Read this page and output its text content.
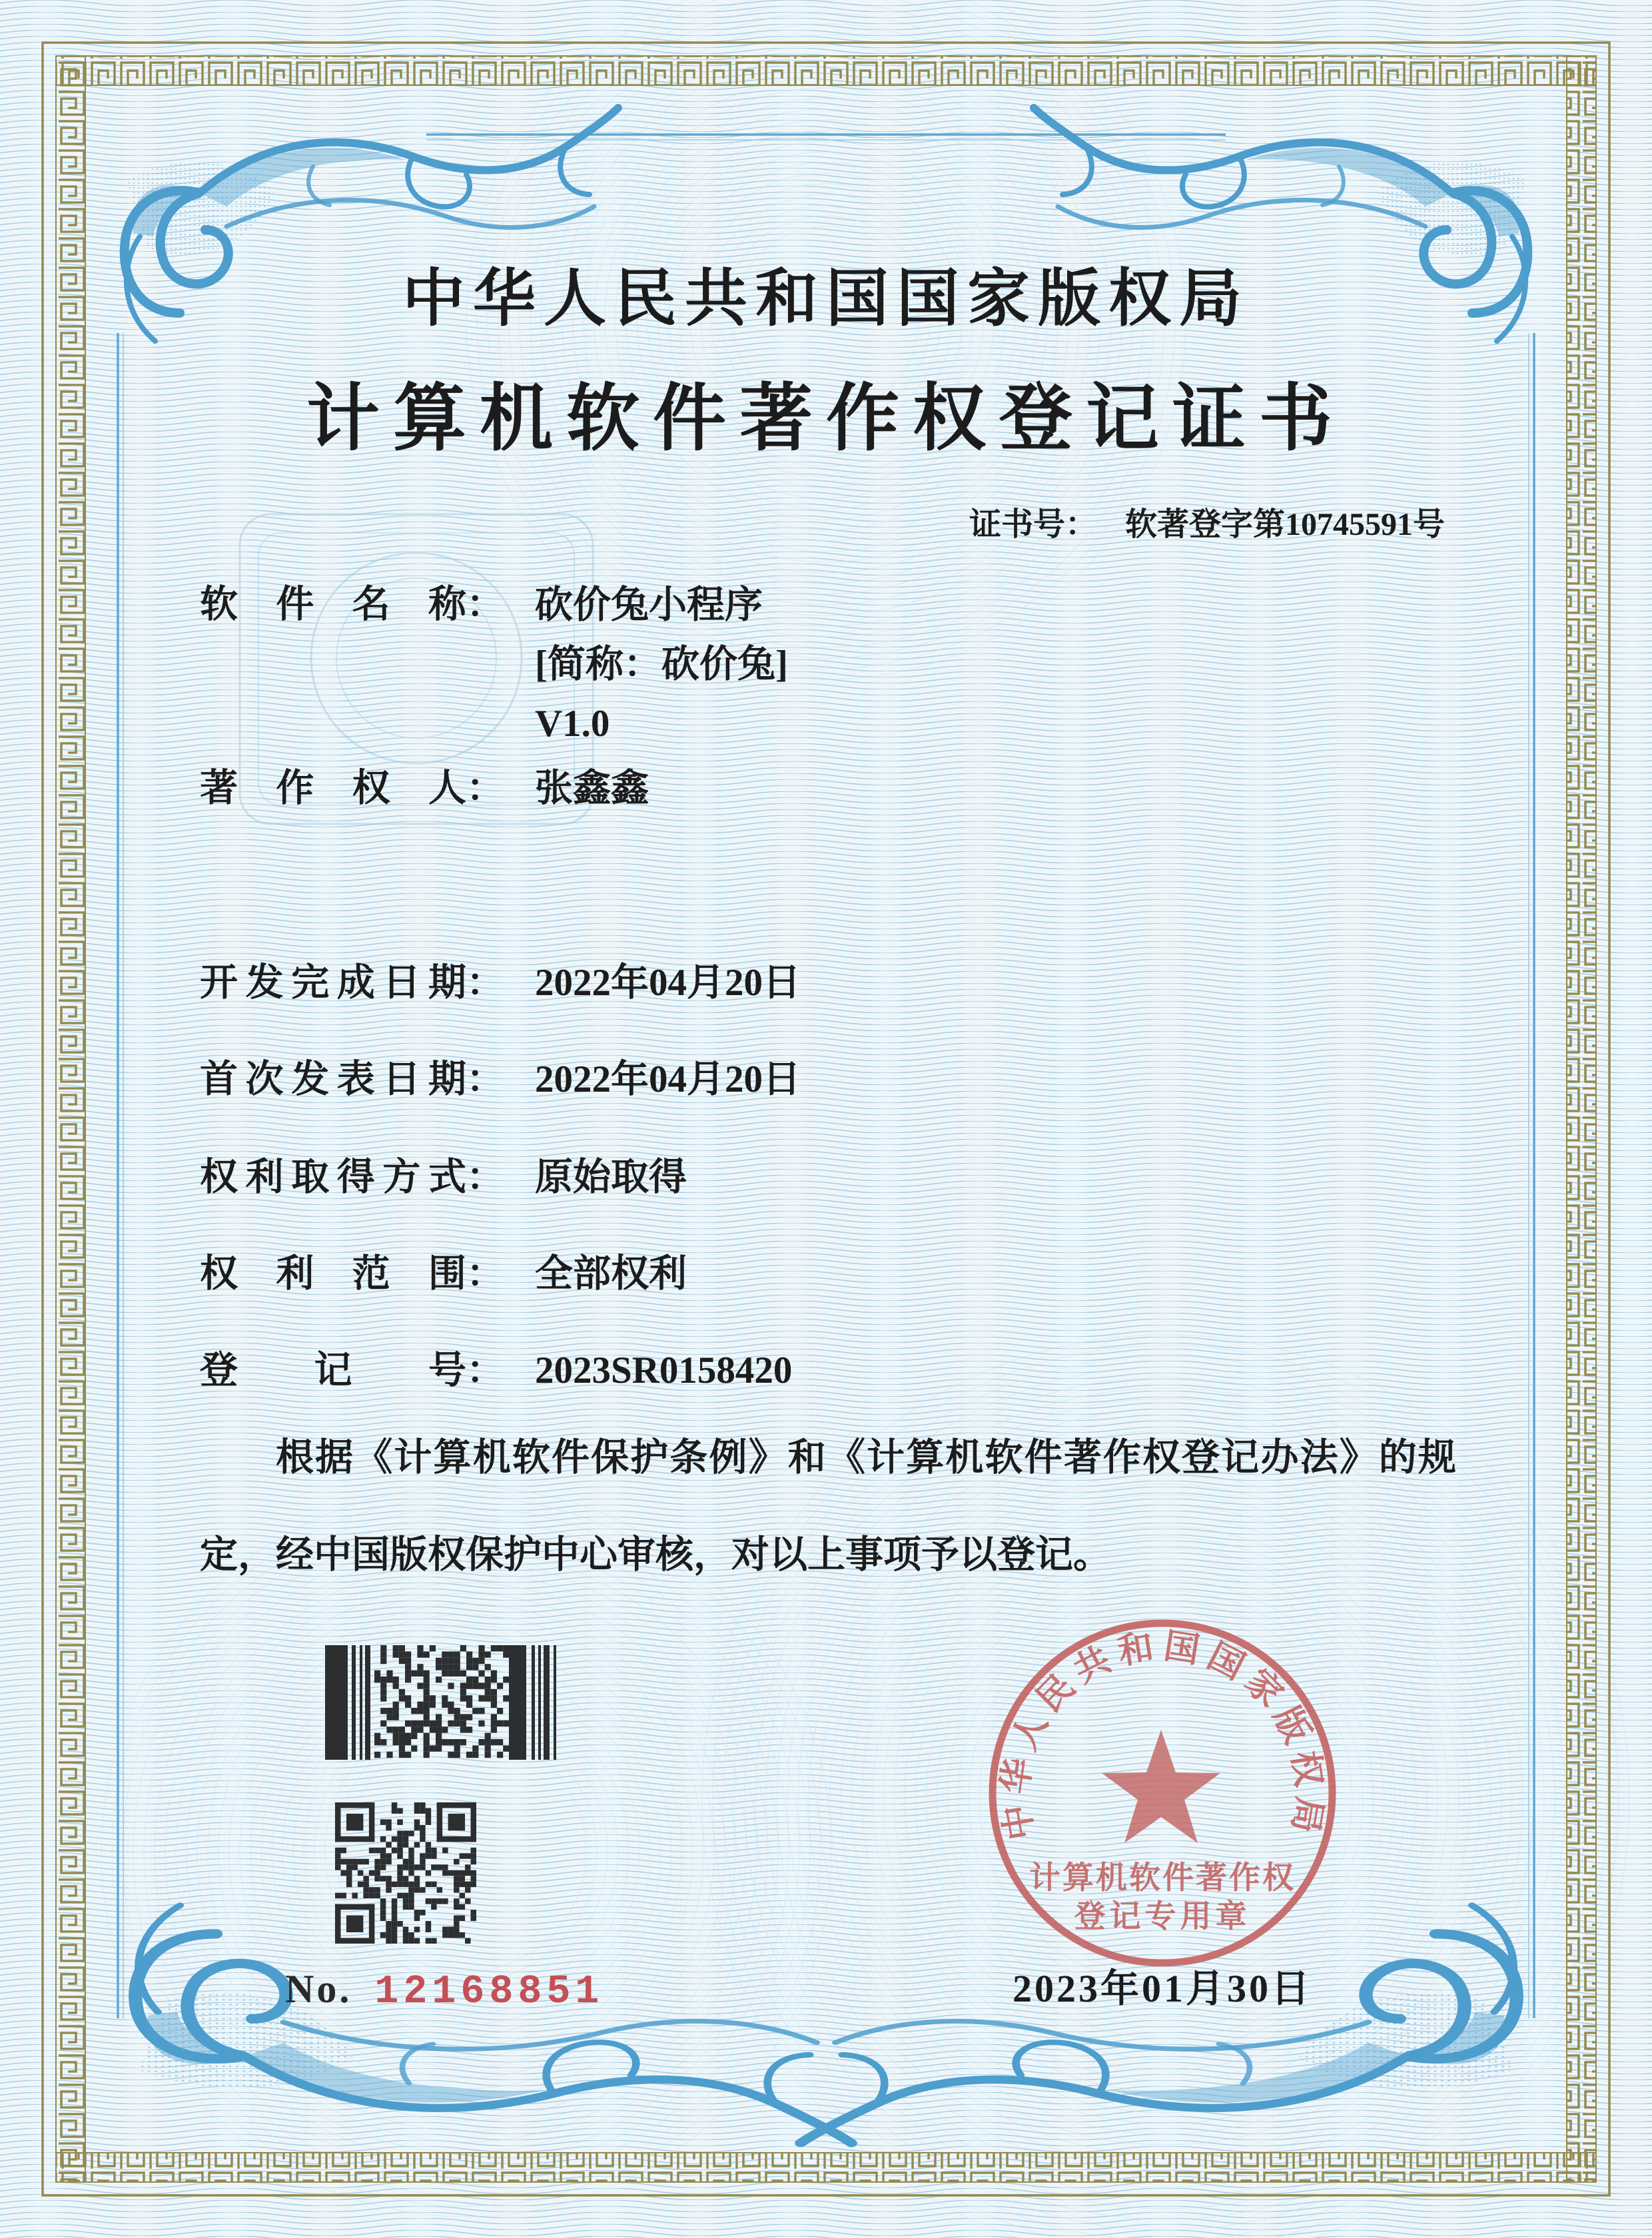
中华人民共和国国家版权局
计算机软件著作权登记证书
证书号： 软著登字第10745591号
软件名称 ： 砍价兔小程序
[简称：砍价兔]
V1.0
著作权人 ： 张鑫鑫
开发完成日期 ： 2022年04月20日
首次发表日期 ： 2022年04月20日
权利取得方式 ： 原始取得
权利范围 ： 全部权利
登记号 ： 2023SR0158420
根据《计算机软件保护条例》和《计算机软件著作权登记办法》的规定，经中国版权保护中心审核，对以上事项予以登记。
No. 12168851	2023年01月30日
中华人民共和国国家版权局
计算机软件著作权
登记专用章
